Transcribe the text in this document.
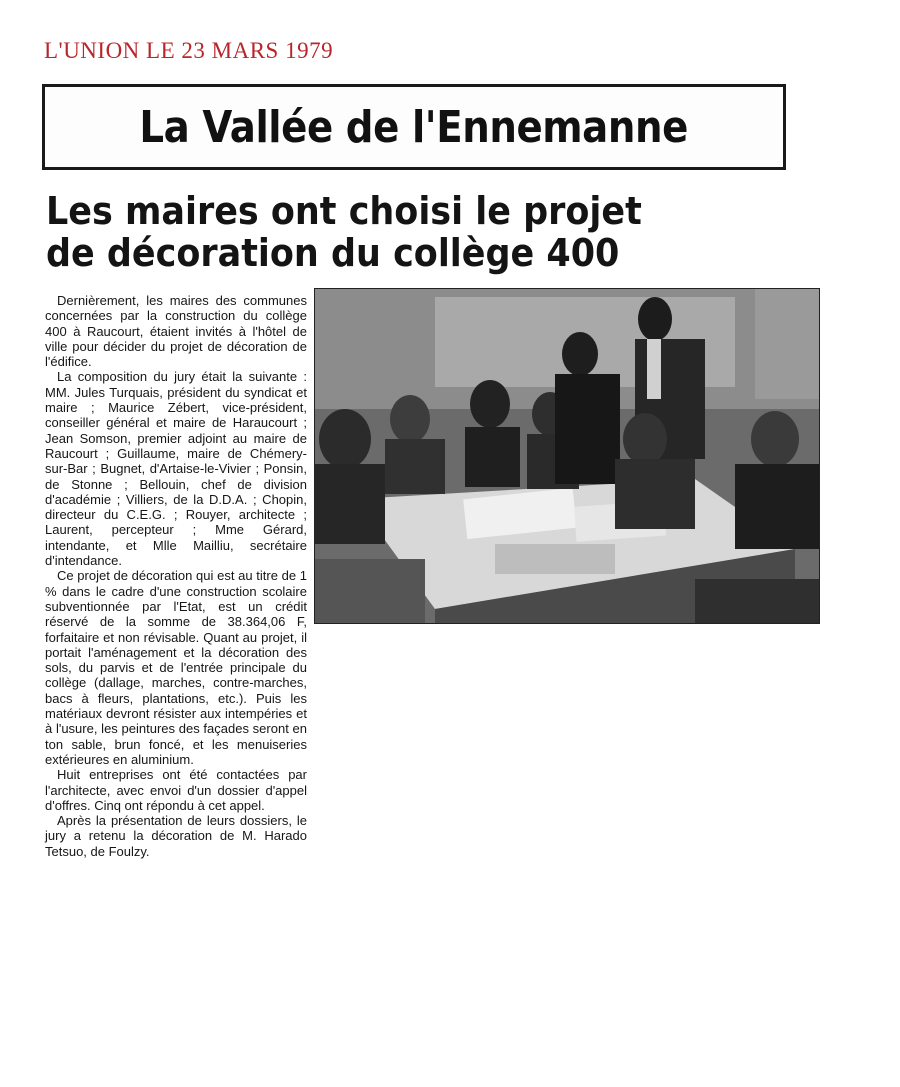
L'UNION LE 23 MARS 1979
La Vallée de l'Ennemanne
Les maires ont choisi le projet
de décoration du collège 400

Dernièrement, les maires des communes concernées par la construction du collège 400 à Raucourt, étaient invités à l'hôtel de ville pour décider du projet de décoration de l'édifice.

La composition du jury était la suivante : MM. Jules Turquais, président du syndicat et maire ; Maurice Zébert, vice-président, conseiller général et maire de Haraucourt ; Jean Somson, premier adjoint au maire de Raucourt ; Guillaume, maire de Chémery-sur-Bar ; Bugnet, d'Artaise-le-Vivier ; Ponsin, de Stonne ; Bellouin, chef de division d'académie ; Villiers, de la D.D.A. ; Chopin, directeur du C.E.G. ; Rouyer, architecte ; Laurent, percepteur ; Mme Gérard, intendante, et Mlle Mailliu, secrétaire d'intendance.

Ce projet de décoration qui est au titre de 1 % dans le cadre d'une construction scolaire subventionnée par l'Etat, est un crédit réservé de la somme de 38.364,06 F, forfaitaire et non révisable. Quant au projet, il portait l'aménagement et la décoration des sols, du parvis et de l'entrée principale du collège (dallage, marches, contre-marches, bacs à fleurs, plantations, etc.). Puis les matériaux devront résister aux intempéries et à l'usure, les peintures des façades seront en ton sable, brun foncé, et les menuiseries extérieures en aluminium.

Huit entreprises ont été contactées par l'architecte, avec envoi d'un dossier d'appel d'offres. Cinq ont répondu à cet appel.

Après la présentation de leurs dossiers, le jury a retenu la décoration de M. Harado Tetsuo, de Foulzy.
